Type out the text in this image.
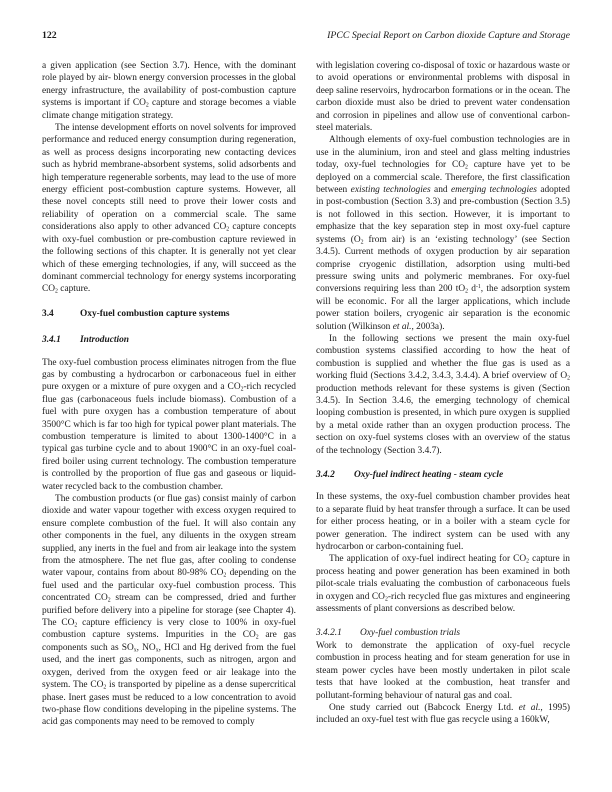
122	IPCC Special Report on Carbon dioxide Capture and Storage

a given application (see Section 3.7). Hence, with the dominant role played by air- blown energy conversion processes in the global energy infrastructure, the availability of post-combustion capture systems is important if $CO_2$ capture and storage becomes a viable climate change mitigation strategy.

The intense development efforts on novel solvents for improved performance and reduced energy consumption during regeneration, as well as process designs incorporating new contacting devices such as hybrid membrane-absorbent systems, solid adsorbents and high temperature regenerable sorbents, may lead to the use of more energy efficient post-combustion capture systems. However, all these novel concepts still need to prove their lower costs and reliability of operation on a commercial scale. The same considerations also apply to other advanced $CO_2$ capture concepts with oxy-fuel combustion or pre-combustion capture reviewed in the following sections of this chapter. It is generally not yet clear which of these emerging technologies, if any, will succeed as the dominant commercial technology for energy systems incorporating $CO_2$ capture.

3.4	Oxy-fuel combustion capture systems
3.4.1	Introduction

The oxy-fuel combustion process eliminates nitrogen from the flue gas by combusting a hydrocarbon or carbonaceous fuel in either pure oxygen or a mixture of pure oxygen and a $CO_2$-rich recycled flue gas (carbonaceous fuels include biomass). Combustion of a fuel with pure oxygen has a combustion temperature of about 3500°C which is far too high for typical power plant materials. The combustion temperature is limited to about 1300-1400°C in a typical gas turbine cycle and to about 1900°C in an oxy-fuel coal-fired boiler using current technology. The combustion temperature is controlled by the proportion of flue gas and gaseous or liquid-water recycled back to the combustion chamber.

The combustion products (or flue gas) consist mainly of carbon dioxide and water vapour together with excess oxygen required to ensure complete combustion of the fuel. It will also contain any other components in the fuel, any diluents in the oxygen stream supplied, any inerts in the fuel and from air leakage into the system from the atmosphere. The net flue gas, after cooling to condense water vapour, contains from about 80-98% $CO_2$ depending on the fuel used and the particular oxy-fuel combustion process. This concentrated $CO_2$ stream can be compressed, dried and further purified before delivery into a pipeline for storage (see Chapter 4). The $CO_2$ capture efficiency is very close to 100% in oxy-fuel combustion capture systems. Impurities in the $CO_2$ are gas components such as $SO_x$, $NO_x$, HCl and Hg derived from the fuel used, and the inert gas components, such as nitrogen, argon and oxygen, derived from the oxygen feed or air leakage into the system. The $CO_2$ is transported by pipeline as a dense supercritical phase. Inert gases must be reduced to a low concentration to avoid two-phase flow conditions developing in the pipeline systems. The acid gas components may need to be removed to comply

with legislation covering co-disposal of toxic or hazardous waste or to avoid operations or environmental problems with disposal in deep saline reservoirs, hydrocarbon formations or in the ocean. The carbon dioxide must also be dried to prevent water condensation and corrosion in pipelines and allow use of conventional carbon-steel materials.

Although elements of oxy-fuel combustion technologies are in use in the aluminium, iron and steel and glass melting industries today, oxy-fuel technologies for $CO_2$ capture have yet to be deployed on a commercial scale. Therefore, the first classification between existing technologies and emerging technologies adopted in post-combustion (Section 3.3) and pre-combustion (Section 3.5) is not followed in this section. However, it is important to emphasize that the key separation step in most oxy-fuel capture systems ($O_2$ from air) is an ‘existing technology’ (see Section 3.4.5). Current methods of oxygen production by air separation comprise cryogenic distillation, adsorption using multi-bed pressure swing units and polymeric membranes. For oxy-fuel conversions requiring less than 200 $tO_2$ $d^{-1}$, the adsorption system will be economic. For all the larger applications, which include power station boilers, cryogenic air separation is the economic solution (Wilkinson et al., 2003a).

In the following sections we present the main oxy-fuel combustion systems classified according to how the heat of combustion is supplied and whether the flue gas is used as a working fluid (Sections 3.4.2, 3.4.3, 3.4.4). A brief overview of $O_2$ production methods relevant for these systems is given (Section 3.4.5). In Section 3.4.6, the emerging technology of chemical looping combustion is presented, in which pure oxygen is supplied by a metal oxide rather than an oxygen production process. The section on oxy-fuel systems closes with an overview of the status of the technology (Section 3.4.7).

3.4.2	Oxy-fuel indirect heating - steam cycle

In these systems, the oxy-fuel combustion chamber provides heat to a separate fluid by heat transfer through a surface. It can be used for either process heating, or in a boiler with a steam cycle for power generation. The indirect system can be used with any hydrocarbon or carbon-containing fuel.

The application of oxy-fuel indirect heating for $CO_2$ capture in process heating and power generation has been examined in both pilot-scale trials evaluating the combustion of carbonaceous fuels in oxygen and $CO_2$-rich recycled flue gas mixtures and engineering assessments of plant conversions as described below.

3.4.2.1	Oxy-fuel combustion trials

Work to demonstrate the application of oxy-fuel recycle combustion in process heating and for steam generation for use in steam power cycles have been mostly undertaken in pilot scale tests that have looked at the combustion, heat transfer and pollutant-forming behaviour of natural gas and coal.

One study carried out (Babcock Energy Ltd. et al., 1995) included an oxy-fuel test with flue gas recycle using a 160kW,
